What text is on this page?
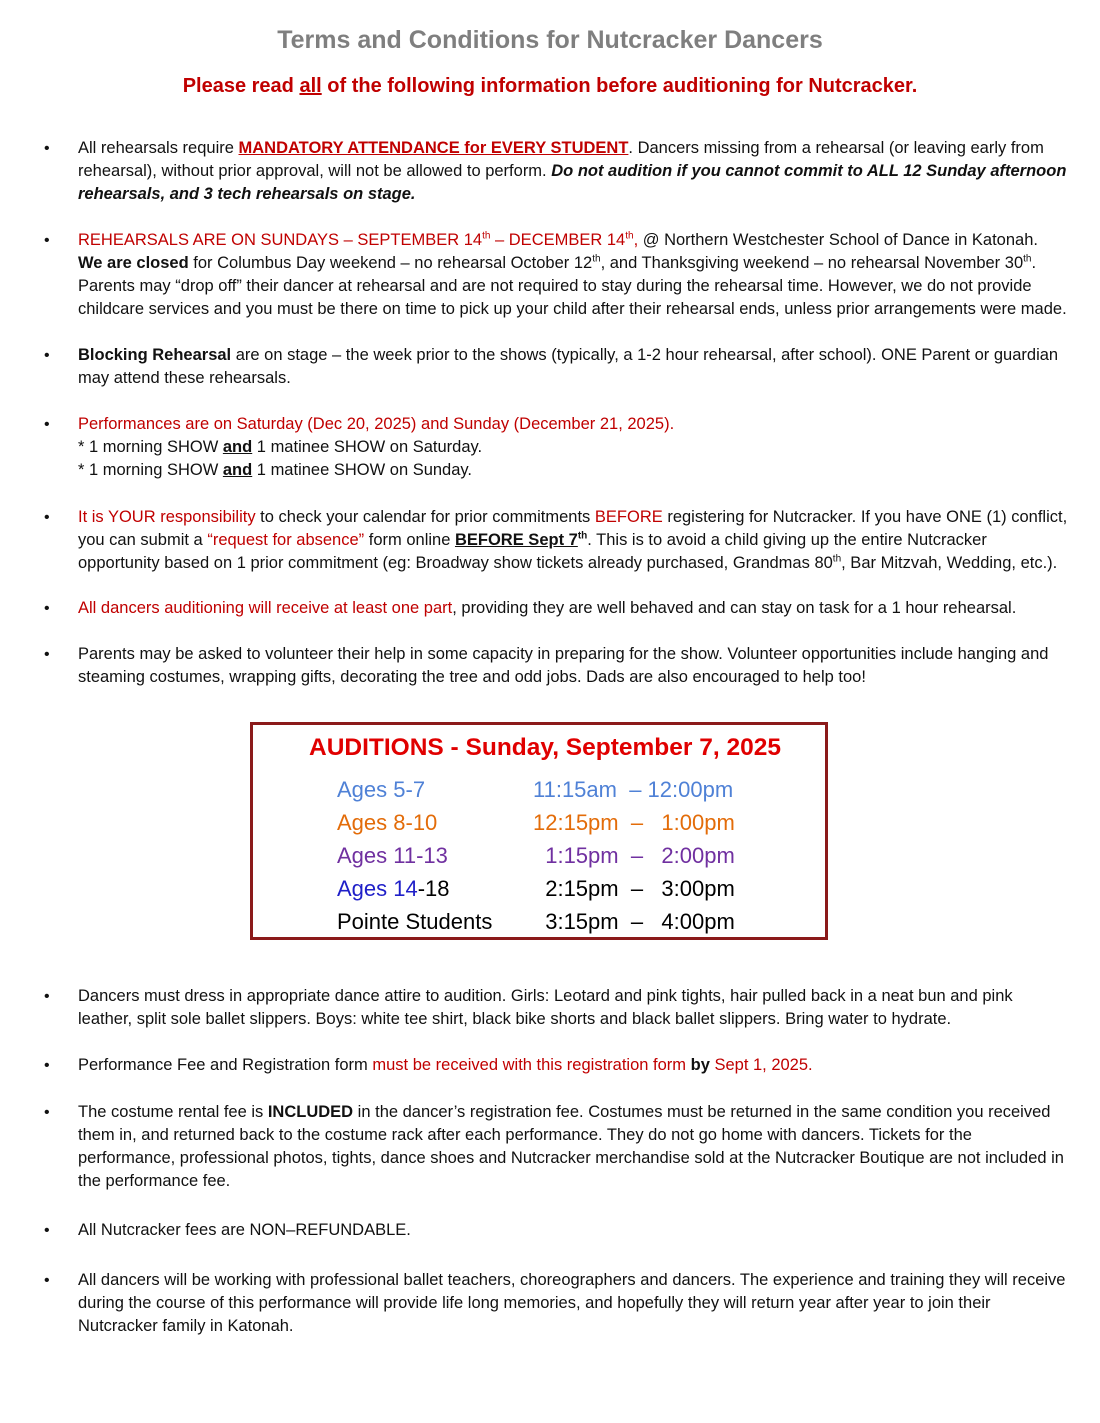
Terms and Conditions for Nutcracker Dancers
Please read all of the following information before auditioning for Nutcracker.
• All rehearsals require MANDATORY ATTENDANCE for EVERY STUDENT. Dancers missing from a rehearsal (or leaving early from rehearsal), without prior approval, will not be allowed to perform. Do not audition if you cannot commit to ALL 12 Sunday afternoon rehearsals, and 3 tech rehearsals on stage.
• REHEARSALS ARE ON SUNDAYS – SEPTEMBER 14th – DECEMBER 14th, @ Northern Westchester School of Dance in Katonah.
We are closed for Columbus Day weekend – no rehearsal October 12th, and Thanksgiving weekend – no rehearsal November 30th. Parents may “drop off” their dancer at rehearsal and are not required to stay during the rehearsal time. However, we do not provide childcare services and you must be there on time to pick up your child after their rehearsal ends, unless prior arrangements were made.
• Blocking Rehearsal are on stage – the week prior to the shows (typically, a 1-2 hour rehearsal, after school). ONE Parent or guardian may attend these rehearsals.
• Performances are on Saturday (Dec 20, 2025) and Sunday (December 21, 2025).
* 1 morning SHOW and 1 matinee SHOW on Saturday.
* 1 morning SHOW and 1 matinee SHOW on Sunday.
• It is YOUR responsibility to check your calendar for prior commitments BEFORE registering for Nutcracker. If you have ONE (1) conflict, you can submit a “request for absence” form online BEFORE Sept 7th. This is to avoid a child giving up the entire Nutcracker opportunity based on 1 prior commitment (eg: Broadway show tickets already purchased, Grandmas 80th, Bar Mitzvah, Wedding, etc.).
• All dancers auditioning will receive at least one part, providing they are well behaved and can stay on task for a 1 hour rehearsal.
• Parents may be asked to volunteer their help in some capacity in preparing for the show. Volunteer opportunities include hanging and steaming costumes, wrapping gifts, decorating the tree and odd jobs. Dads are also encouraged to help too!
AUDITIONS - Sunday, September 7, 2025
Ages 5-7	11:15am  – 12:00pm
Ages 8-10	12:15pm  –   1:00pm
Ages 11-13	1:15pm  –   2:00pm
Ages 14-18	2:15pm  –   3:00pm
Pointe Students 3:15pm  –   4:00pm
• Dancers must dress in appropriate dance attire to audition. Girls: Leotard and pink tights, hair pulled back in a neat bun and pink leather, split sole ballet slippers. Boys: white tee shirt, black bike shorts and black ballet slippers. Bring water to hydrate.
• Performance Fee and Registration form must be received with this registration form by Sept 1, 2025.
• The costume rental fee is INCLUDED in the dancer’s registration fee. Costumes must be returned in the same condition you received them in, and returned back to the costume rack after each performance. They do not go home with dancers. Tickets for the performance, professional photos, tights, dance shoes and Nutcracker merchandise sold at the Nutcracker Boutique are not included in the performance fee.
• All Nutcracker fees are NON–REFUNDABLE.
• All dancers will be working with professional ballet teachers, choreographers and dancers. The experience and training they will receive during the course of this performance will provide life long memories, and hopefully they will return year after year to join their Nutcracker family in Katonah.
